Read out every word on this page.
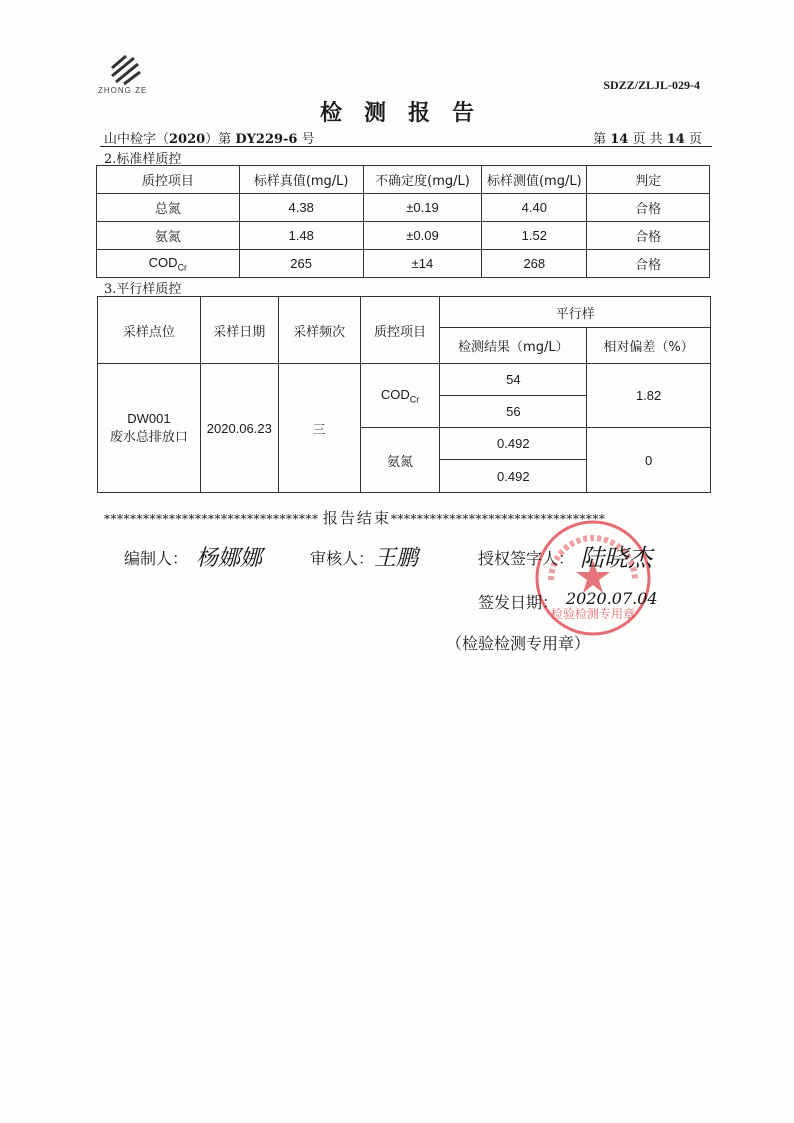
ZHONG ZE	SDZZ/ZLJL-029-4
检测报告
山中检字（2020）第 DY229-6 号	第 14 页 共 14 页
2.标准样质控
质控项目	标样真值(mg/L)	不确定度(mg/L)	标样测值(mg/L)	判定
总氮	4.38	±0.19	4.40	合格
氨氮	1.48	±0.09	1.52	合格
$COD_{Cr}$	265	±14	268	合格
3.平行样质控
采样点位	采样日期	采样频次	质控项目	平行样	
				检测结果（mg/L）	相对偏差（%）

DW001
废水总排放口	2020.06.23	三	$COD_{Cr}$	54	1.82
				56	
			氨氮	0.492	0
				0.492	
********************************* 报告结束*********************************
检验检测专用章
编制人： 杨娜娜	审核人： 王鹏	授权签字人： 陆晓杰
签发日期： 2020.07.04
（检验检测专用章）
